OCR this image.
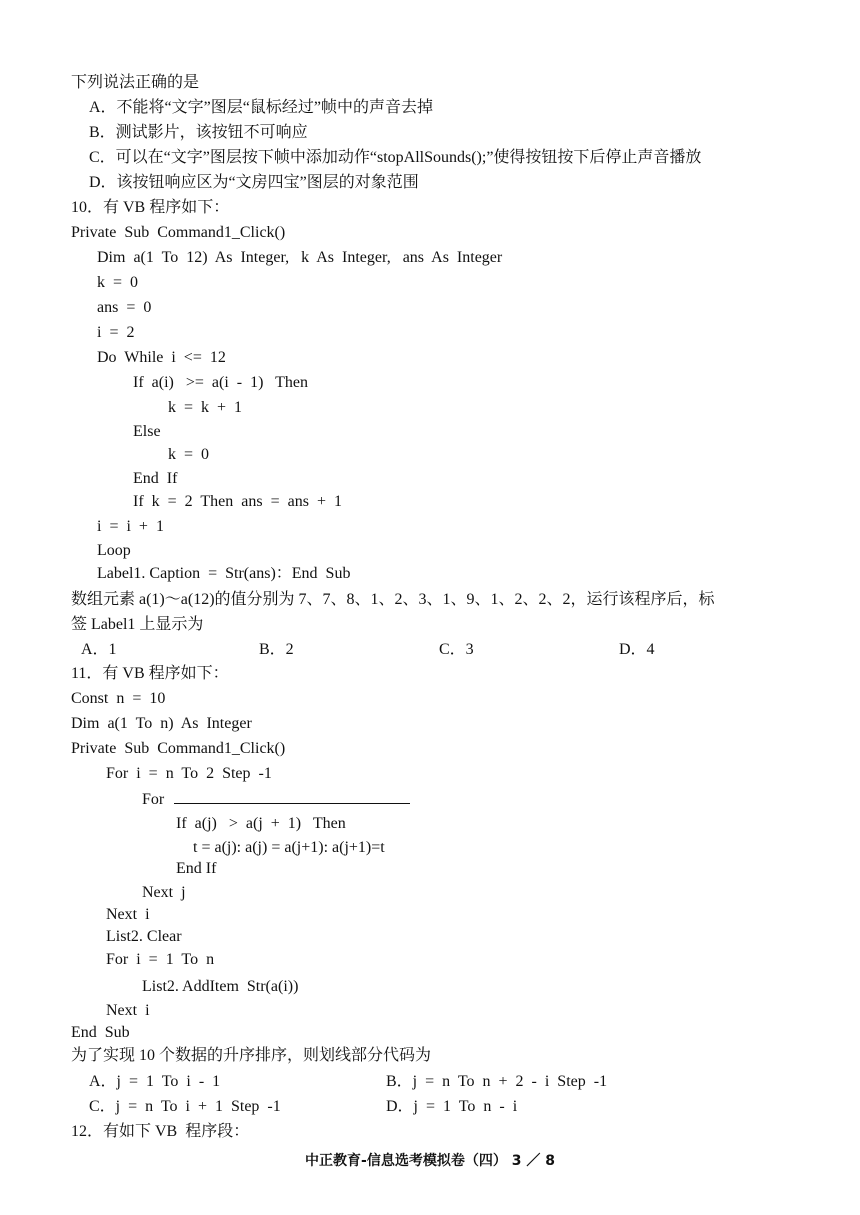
下列说法正确的是
A．不能将“文字”图层“鼠标经过”帧中的声音去掉
B．测试影片，该按钮不可响应
C．可以在“文字”图层按下帧中添加动作“stopAllSounds();”使得按钮按下后停止声音播放
D．该按钮响应区为“文房四宝”图层的对象范围
10．有 VB 程序如下：
Private  Sub  Command1_Click()
Dim  a(1  To  12)  As  Integer,   k  As  Integer,   ans  As  Integer
k  =  0
ans  =  0
i  =  2
Do  While  i  <=  12
If  a(i)   >=  a(i  -  1)   Then
k  =  k  +  1
Else
k  =  0
End  If
If  k  =  2  Then  ans  =  ans  +  1
i  =  i  +  1
Loop
Label1. Caption  =  Str(ans)：End  Sub
数组元素 a(1)～a(12)的值分别为 7、7、8、1、2、3、1、9、1、2、2、2，运行该程序后，标
签 Label1 上显示为
A．1	B．2	C．3	D．4
11．有 VB 程序如下：
Const  n  =  10
Dim  a(1  To  n)  As  Integer
Private  Sub  Command1_Click()
For  i  =  n  To  2  Step  -1
For
If  a(j)   >  a(j  +  1)   Then
t = a(j): a(j) = a(j+1): a(j+1)=t
End If
Next  j
Next  i
List2. Clear
For  i  =  1  To  n
List2. AddItem  Str(a(i))
Next  i
End  Sub
为了实现 10 个数据的升序排序，则划线部分代码为
A．j  =  1  To  i  -  1	B．j  =  n  To  n  +  2  -  i  Step  -1
C．j  =  n  To  i  +  1  Step  -1	D．j  =  1  To  n  -  i
12．有如下 VB  程序段：
中正教育-信息选考模拟卷（四） 3 ／ 8
